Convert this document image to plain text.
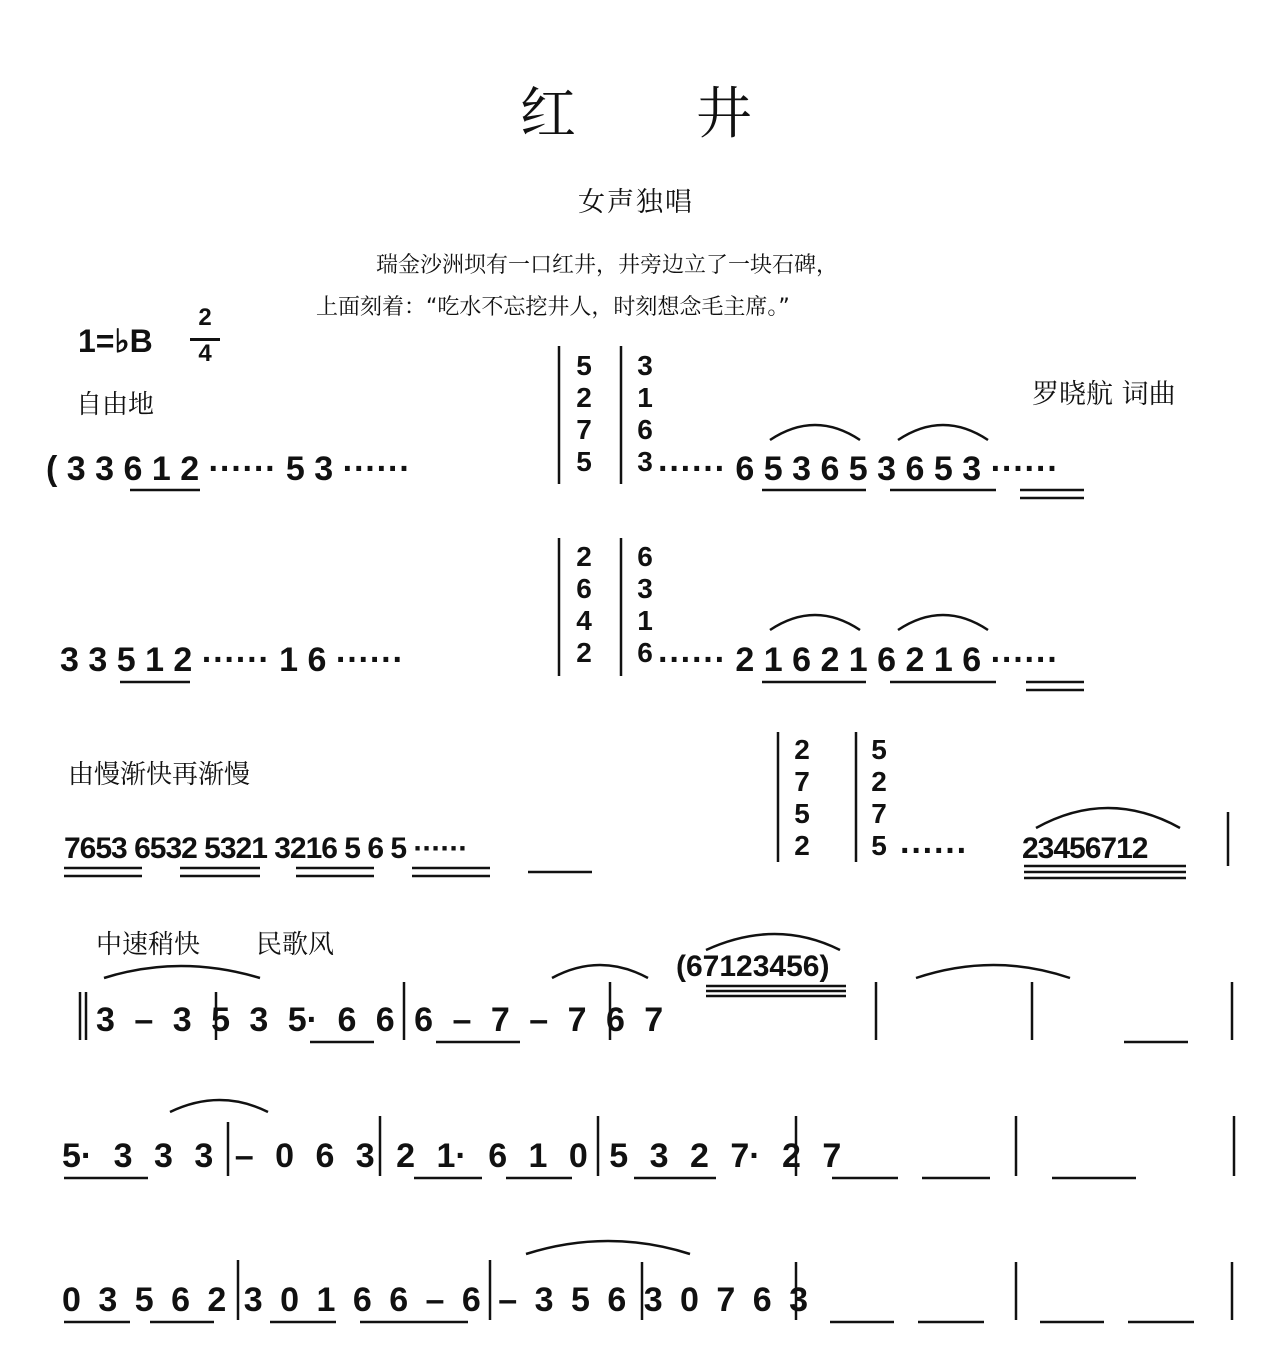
红井
女声独唱
瑞金沙洲坝有一口红井，井旁边立了一块石碑，
上面刻着：“吃水不忘挖井人，时刻想念毛主席。”
1=♭B
2
4
罗晓航 词曲
自由地
( 3 3 6 1 2 ······ 5 3 ······
5 2 7 5
3 1 6 3 ······ 6 5 3 6 5 3 6 5 3 ······
3 3 5 1 2 ······ 1 6 ······
2 6 4 2
6 3 1 6 ······ 2 1 6 2 1 6 2 1 6 ······
由慢渐快再渐慢
7653 6532 5321 3216 5 6 5 ······
2 7 5 2
5 2 7 5 ······ 23456712
中速稍快 民歌风
(67123456)
3 – 3 5 3 5· 6 6 6 – 7 – 7 6 7
5· 3 3 3 – 0 6 3 2 1· 6 1 0 5 3 2 7· 2 7
0 3 5 6 2 3 0 1 6 6 – 6 – 3 5 6 3 0 7 6 3
